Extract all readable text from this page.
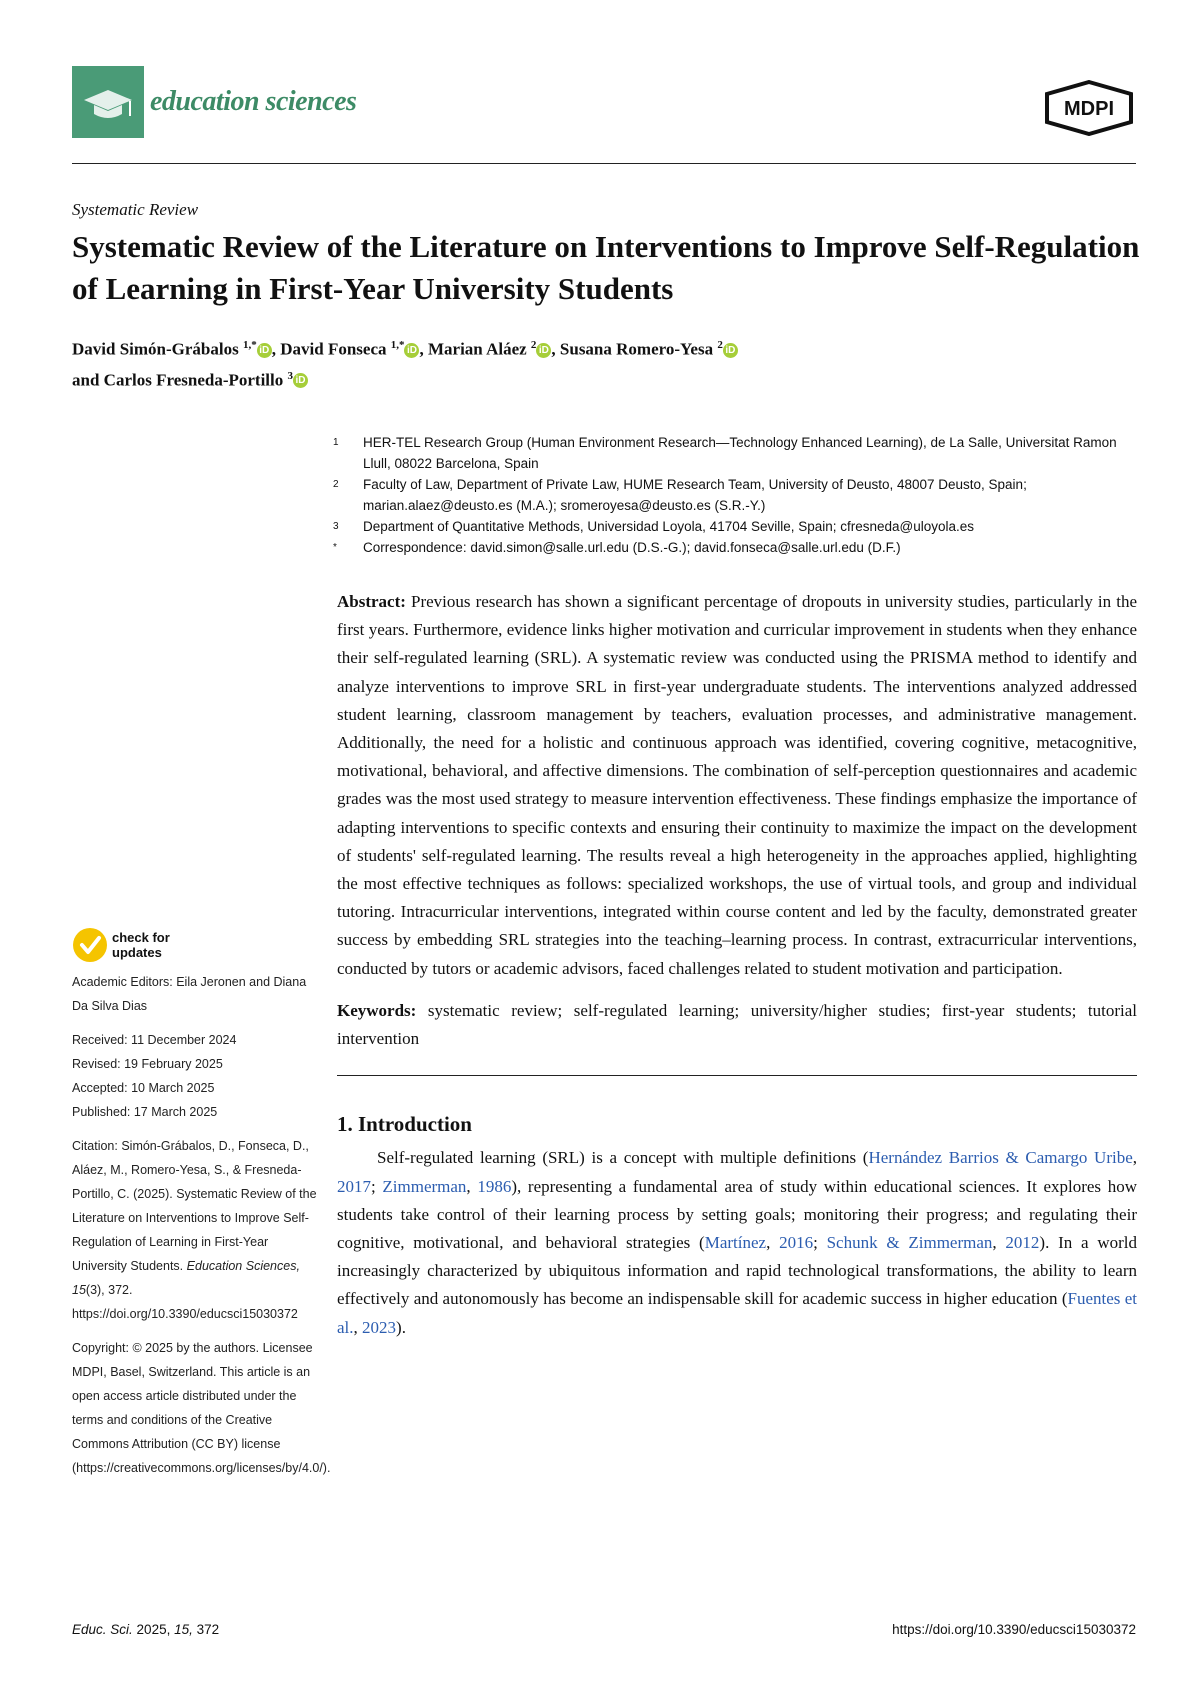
education sciences	MDPI
Systematic Review
Systematic Review of the Literature on Interventions to Improve Self-Regulation of Learning in First-Year University Students
David Simón-Grábalos $^{1,*}$ iD , David Fonseca $^{1,*}$ iD , Marian Aláez $^2$ iD , Susana Romero-Yesa $^2$ iD
and Carlos Fresneda-Portillo $^3$ iD
1	HER-TEL Research Group (Human Environment Research—Technology Enhanced Learning), de La Salle, Universitat Ramon Llull, 08022 Barcelona, Spain
2	Faculty of Law, Department of Private Law, HUME Research Team, University of Deusto, 48007 Deusto, Spain; marian.alaez@deusto.es (M.A.); sromeroyesa@deusto.es (S.R.-Y.)
3	Department of Quantitative Methods, Universidad Loyola, 41704 Seville, Spain; cfresneda@uloyola.es
*	Correspondence: david.simon@salle.url.edu (D.S.-G.); david.fonseca@salle.url.edu (D.F.)
check for
updates
Academic Editors: Eila Jeronen and Diana Da Silva Dias
Received: 11 December 2024
Revised: 19 February 2025
Accepted: 10 March 2025
Published: 17 March 2025
Citation: Simón-Grábalos, D., Fonseca, D., Aláez, M., Romero-Yesa, S., & Fresneda-Portillo, C. (2025). Systematic Review of the Literature on Interventions to Improve Self-Regulation of Learning in First-Year University Students. Education Sciences, 15(3), 372. https://doi.org/10.3390/educsci15030372
Copyright: © 2025 by the authors. Licensee MDPI, Basel, Switzerland. This article is an open access article distributed under the terms and conditions of the Creative Commons Attribution (CC BY) license (https://creativecommons.org/licenses/by/4.0/).

Abstract: Previous research has shown a significant percentage of dropouts in university studies, particularly in the first years. Furthermore, evidence links higher motivation and curricular improvement in students when they enhance their self-regulated learning (SRL). A systematic review was conducted using the PRISMA method to identify and analyze interventions to improve SRL in first-year undergraduate students. The interventions analyzed addressed student learning, classroom management by teachers, evaluation processes, and administrative management. Additionally, the need for a holistic and continuous approach was identified, covering cognitive, metacognitive, motivational, behavioral, and affective dimensions. The combination of self-perception questionnaires and academic grades was the most used strategy to measure intervention effectiveness. These findings emphasize the importance of adapting interventions to specific contexts and ensuring their continuity to maximize the impact on the development of students' self-regulated learning. The results reveal a high heterogeneity in the approaches applied, highlighting the most effective techniques as follows: specialized workshops, the use of virtual tools, and group and individual tutoring. Intracurricular interventions, integrated within course content and led by the faculty, demonstrated greater success by embedding SRL strategies into the teaching–learning process. In contrast, extracurricular interventions, conducted by tutors or academic advisors, faced challenges related to student motivation and participation.

Keywords: systematic review; self-regulated learning; university/higher studies; first-year students; tutorial intervention

1. Introduction

Self-regulated learning (SRL) is a concept with multiple definitions (Hernández Barrios & Camargo Uribe, 2017; Zimmerman, 1986), representing a fundamental area of study within educational sciences. It explores how students take control of their learning process by setting goals; monitoring their progress; and regulating their cognitive, motivational, and behavioral strategies (Martínez, 2016; Schunk & Zimmerman, 2012). In a world increasingly characterized by ubiquitous information and rapid technological transformations, the ability to learn effectively and autonomously has become an indispensable skill for academic success in higher education (Fuentes et al., 2023).

Educ. Sci. 2025, 15, 372	https://doi.org/10.3390/educsci15030372
